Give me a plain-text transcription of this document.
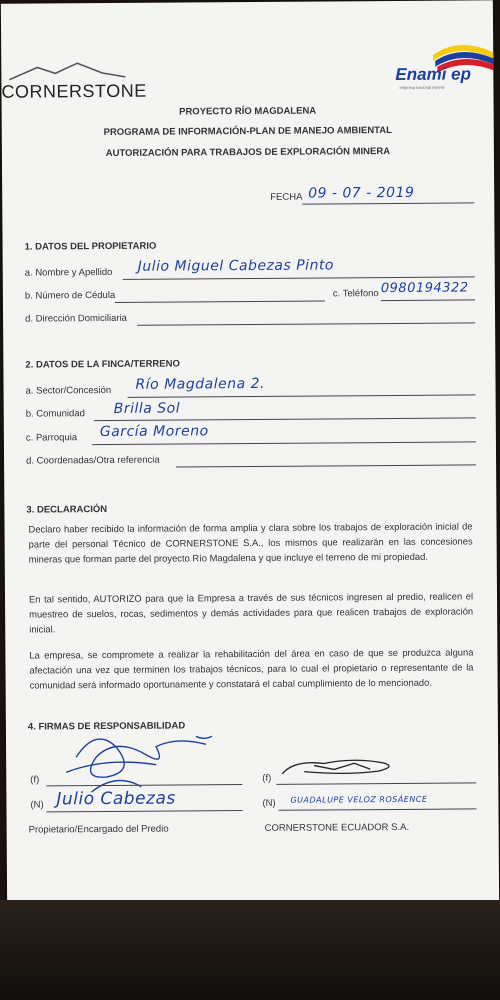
CORNERSTONE
Enami ep
empresa nacional minera
PROYECTO RÍO MAGDALENA
PROGRAMA DE INFORMACIÓN-PLAN DE MANEJO AMBIENTAL
AUTORIZACIÓN PARA TRABAJOS DE EXPLORACIÓN MINERA
FECHA 09 - 07 - 2019
1. DATOS DEL PROPIETARIO
a. Nombre y Apellido Julio Miguel Cabezas Pinto
b. Número de Cédula	c. Teléfono 0980194322
d. Dirección Domiciliaria
2. DATOS DE LA FINCA/TERRENO
a. Sector/Concesión Río Magdalena 2.
b. Comunidad Brilla Sol
c. Parroquia García Moreno
d. Coordenadas/Otra referencia
3. DECLARACIÓN
Declaro haber recibido la información de forma amplia y clara sobre los trabajos de exploración inicial de parte del personal Técnico de CORNERSTONE S.A., los mismos que realizarán en las concesiones mineras que forman parte del proyecto Río Magdalena y que incluye el terreno de mi propiedad.
En tal sentido, AUTORIZO para que la Empresa a través de sus técnicos ingresen al predio, realicen el muestreo de suelos, rocas, sedimentos y demás actividades para que realicen trabajos de exploración inicial.
La empresa, se compromete a realizar la rehabilitación del área en caso de que se produzca alguna afectación una vez que terminen los trabajos técnicos, para lo cual el propietario o representante de la comunidad será informado oportunamente y constatará el cabal cumplimiento de lo mencionado.
4. FIRMAS DE RESPONSABILIDAD
(f)
(N) Julio Cabezas
Propietario/Encargado del Predio
(f)
(N) GUADALUPE VELOZ ROSÁENCE
CORNERSTONE ECUADOR S.A.
